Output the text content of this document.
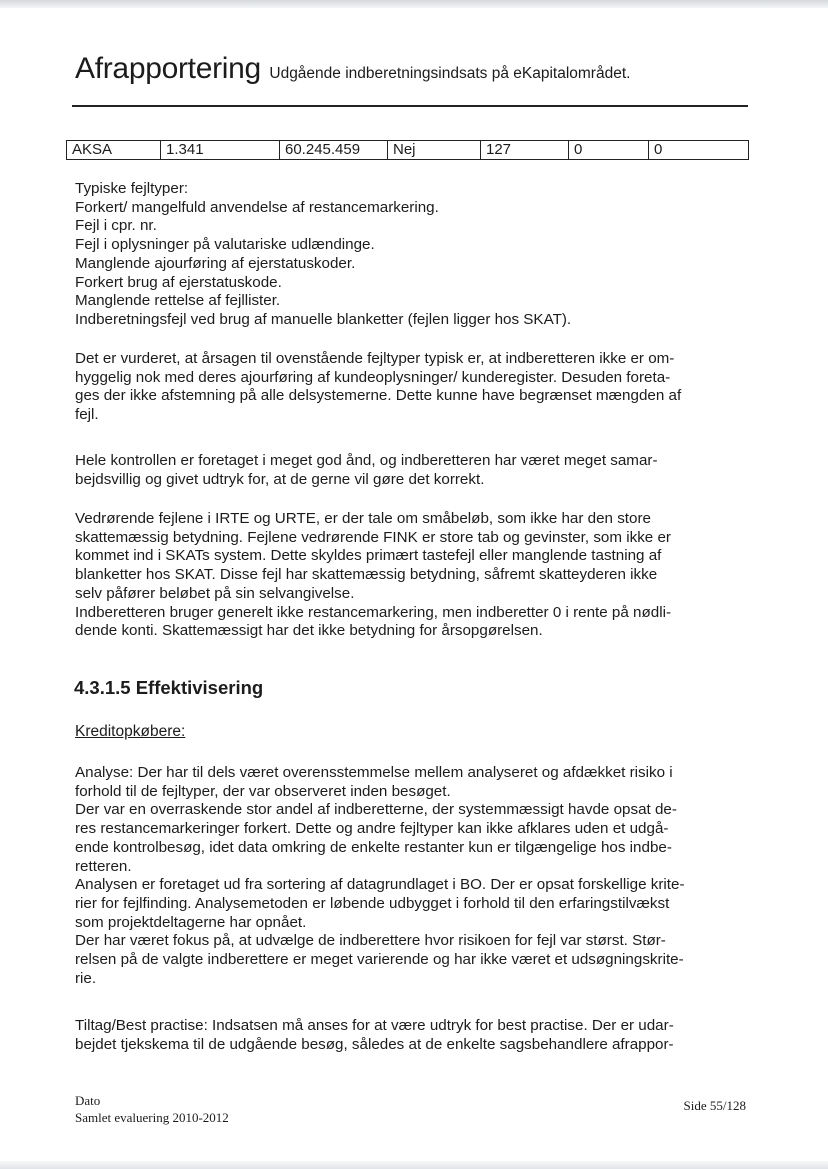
Afrapportering Udgående indberetningsindsats på eKapitalområdet.
AKSA	1.341	60.245.459	Nej	127	0	0

Typiske fejltyper:

Forkert/ mangelfuld anvendelse af restancemarkering.

Fejl i cpr. nr.

Fejl i oplysninger på valutariske udlændinge.

Manglende ajourføring af ejerstatuskoder.

Forkert brug af ejerstatuskode.

Manglende rettelse af fejllister.

Indberetningsfejl ved brug af manuelle blanketter (fejlen ligger hos SKAT).

Det er vurderet, at årsagen til ovenstående fejltyper typisk er, at indberetteren ikke er om-

hyggelig nok med deres ajourføring af kundeoplysninger/ kunderegister. Desuden foreta-

ges der ikke afstemning på alle delsystemerne. Dette kunne have begrænset mængden af

fejl.

Hele kontrollen er foretaget i meget god ånd, og indberetteren har været meget samar-

bejdsvillig og givet udtryk for, at de gerne vil gøre det korrekt.

Vedrørende fejlene i IRTE og URTE, er der tale om småbeløb, som ikke har den store

skattemæssig betydning. Fejlene vedrørende FINK er store tab og gevinster, som ikke er

kommet ind i SKATs system. Dette skyldes primært tastefejl eller manglende tastning af

blanketter hos SKAT. Disse fejl har skattemæssig betydning, såfremt skatteyderen ikke

selv påfører beløbet på sin selvangivelse.

Indberetteren bruger generelt ikke restancemarkering, men indberetter 0 i rente på nødli-

dende konti. Skattemæssigt har det ikke betydning for årsopgørelsen.

4.3.1.5 Effektivisering
Kreditopkøbere:

Analyse: Der har til dels været overensstemmelse mellem analyseret og afdækket risiko i

forhold til de fejltyper, der var observeret inden besøget.

Der var en overraskende stor andel af indberetterne, der systemmæssigt havde opsat de-

res restancemarkeringer forkert. Dette og andre fejltyper kan ikke afklares uden et udgå-

ende kontrolbesøg, idet data omkring de enkelte restanter kun er tilgængelige hos indbe-

retteren.

Analysen er foretaget ud fra sortering af datagrundlaget i BO. Der er opsat forskellige krite-

rier for fejlfinding. Analysemetoden er løbende udbygget i forhold til den erfaringstilvækst

som projektdeltagerne har opnået.

Der har været fokus på, at udvælge de indberettere hvor risikoen for fejl var størst. Stør-

relsen på de valgte indberettere er meget varierende og har ikke været et udsøgningskrite-

rie.

Tiltag/Best practise: Indsatsen må anses for at være udtryk for best practise. Der er udar-

bejdet tjekskema til de udgående besøg, således at de enkelte sagsbehandlere afrappor-

Dato
Samlet evaluering 2010-2012
Side 55/128
